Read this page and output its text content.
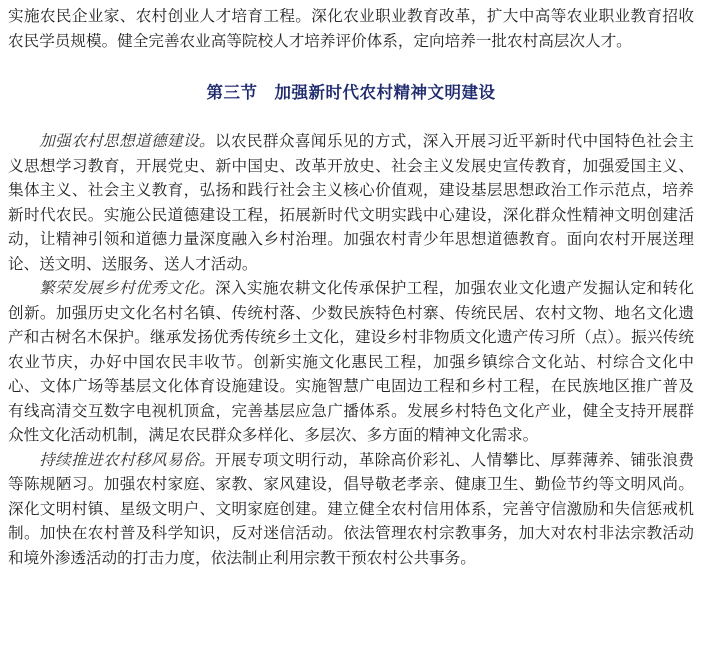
实施农民企业家、农村创业人才培育工程。深化农业职业教育改革，扩大中高等农业职业教育招收农民学员规模。健全完善农业高等院校人才培养评价体系，定向培养一批农村高层次人才。

第三节　加强新时代农村精神文明建设

加强农村思想道德建设。以农民群众喜闻乐见的方式，深入开展习近平新时代中国特色社会主义思想学习教育，开展党史、新中国史、改革开放史、社会主义发展史宣传教育，加强爱国主义、集体主义、社会主义教育，弘扬和践行社会主义核心价值观，建设基层思想政治工作示范点，培养新时代农民。实施公民道德建设工程，拓展新时代文明实践中心建设，深化群众性精神文明创建活动，让精神引领和道德力量深度融入乡村治理。加强农村青少年思想道德教育。面向农村开展送理论、送文明、送服务、送人才活动。

繁荣发展乡村优秀文化。深入实施农耕文化传承保护工程，加强农业文化遗产发掘认定和转化创新。加强历史文化名村名镇、传统村落、少数民族特色村寨、传统民居、农村文物、地名文化遗产和古树名木保护。继承发扬优秀传统乡土文化，建设乡村非物质文化遗产传习所（点）。振兴传统农业节庆，办好中国农民丰收节。创新实施文化惠民工程，加强乡镇综合文化站、村综合文化中心、文体广场等基层文化体育设施建设。实施智慧广电固边工程和乡村工程，在民族地区推广普及有线高清交互数字电视机顶盒，完善基层应急广播体系。发展乡村特色文化产业，健全支持开展群众性文化活动机制，满足农民群众多样化、多层次、多方面的精神文化需求。

持续推进农村移风易俗。开展专项文明行动，革除高价彩礼、人情攀比、厚葬薄养、铺张浪费等陈规陋习。加强农村家庭、家教、家风建设，倡导敬老孝亲、健康卫生、勤俭节约等文明风尚。深化文明村镇、星级文明户、文明家庭创建。建立健全农村信用体系，完善守信激励和失信惩戒机制。加快在农村普及科学知识，反对迷信活动。依法管理农村宗教事务，加大对农村非法宗教活动和境外渗透活动的打击力度，依法制止利用宗教干预农村公共事务。
